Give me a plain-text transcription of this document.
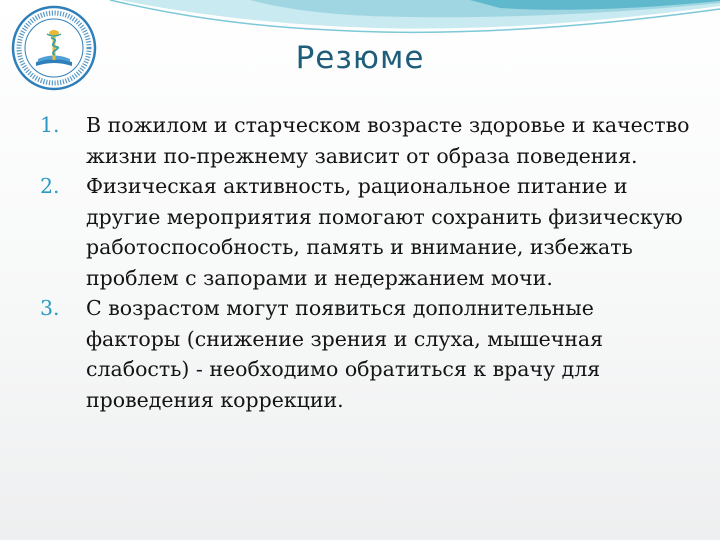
Резюме
1.	В пожилом и старческом возрасте здоровье и качество жизни по-прежнему зависит от образа поведения.
2.	Физическая активность, рациональное питание и другие мероприятия помогают сохранить физическую работоспособность, память и внимание, избежать проблем с запорами и недержанием мочи.
3.	С возрастом могут появиться дополнительные факторы (снижение зрения и слуха, мышечная слабость) - необходимо обратиться к врачу для проведения коррекции.
